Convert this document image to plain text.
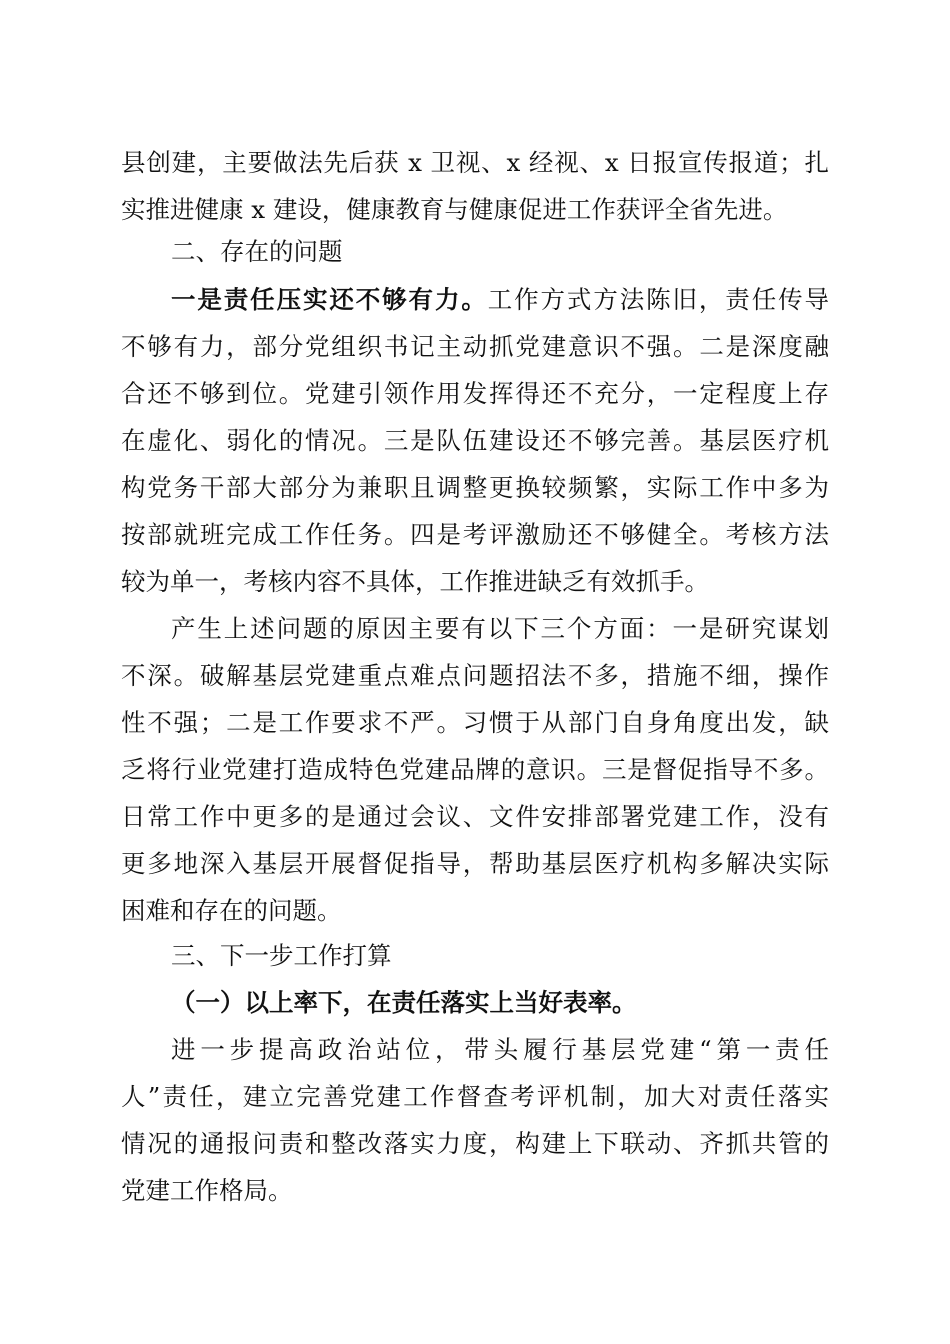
县创建，主要做法先后获 x 卫视、x 经视、x 日报宣传报道；扎
实推进健康 x 建设，健康教育与健康促进工作获评全省先进。
二、存在的问题
一是责任压实还不够有力。工作方式方法陈旧，责任传导
不够有力，部分党组织书记主动抓党建意识不强。二是深度融
合还不够到位。党建引领作用发挥得还不充分，一定程度上存
在虚化、弱化的情况。三是队伍建设还不够完善。基层医疗机
构党务干部大部分为兼职且调整更换较频繁，实际工作中多为
按部就班完成工作任务。四是考评激励还不够健全。考核方法
较为单一，考核内容不具体，工作推进缺乏有效抓手。
产生上述问题的原因主要有以下三个方面：一是研究谋划
不深。破解基层党建重点难点问题招法不多，措施不细，操作
性不强；二是工作要求不严。习惯于从部门自身角度出发，缺
乏将行业党建打造成特色党建品牌的意识。三是督促指导不多。
日常工作中更多的是通过会议、文件安排部署党建工作，没有
更多地深入基层开展督促指导，帮助基层医疗机构多解决实际
困难和存在的问题。
三、下一步工作打算
（一）以上率下，在责任落实上当好表率。
进一步提高政治站位，带头履行基层党建“第一责任
人”责任，建立完善党建工作督查考评机制，加大对责任落实
情况的通报问责和整改落实力度，构建上下联动、齐抓共管的
党建工作格局。
